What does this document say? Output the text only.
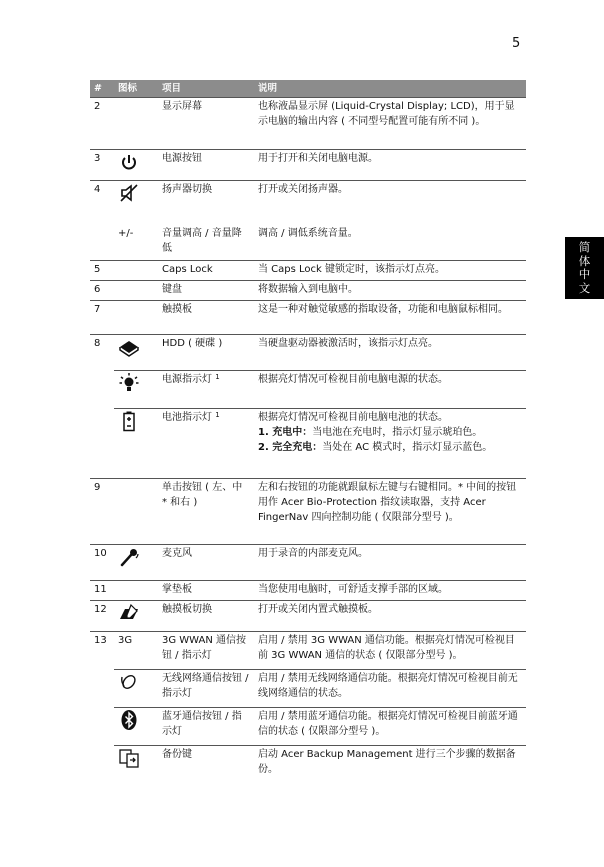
5
简
体
中
文
#	图标	项目	说明
2		显示屏幕	也称液晶显示屏 (Liquid-Crystal Display; LCD)，用于显示电脑的输出内容 ( 不同型号配置可能有所不同 )。
3		电源按钮	用于打开和关闭电脑电源。
4		扬声器切换	打开或关闭扬声器。
	+/-	音量调高 / 音量降低	调高 / 调低系统音量。
5		Caps Lock	当 Caps Lock 键锁定时，该指示灯点亮。
6		键盘	将数据输入到电脑中。
7		触摸板	这是一种对触觉敏感的指取设备，功能和电脑鼠标相同。
8		HDD ( 硬碟 )	当硬盘驱动器被激活时，该指示灯点亮。

	电源指示灯 $^1$	根据亮灯情况可检视目前电脑电源的状态。

	电池指示灯 $^1$	根据亮灯情况可检视目前电脑电池的状态。
1. 充电中：当电池在充电时，指示灯显示琥珀色。
2. 完全充电：当处在 AC 模式时，指示灯显示蓝色。

9		单击按钮 ( 左、中 * 和右 )	左和右按钮的功能就跟鼠标左键与右键相同。* 中间的按钮用作 Acer Bio-Protection 指纹读取器，支持 Acer FingerNav 四向控制功能 ( 仅限部分型号 )。
10		麦克风	用于录音的内部麦克风。
11		掌垫板	当您使用电脑时，可舒适支撑手部的区域。
12		触摸板切换	打开或关闭内置式触摸板。
13	3G	3G WWAN 通信按钮 / 指示灯	启用 / 禁用 3G WWAN 通信功能。根据亮灯情况可检视目前 3G WWAN 通信的状态 ( 仅限部分型号 )。

	无线网络通信按钮 / 指示灯	启用 / 禁用无线网络通信功能。根据亮灯情况可检视目前无线网络通信的状态。

	蓝牙通信按钮 / 指示灯	启用 / 禁用蓝牙通信功能。根据亮灯情况可检视目前蓝牙通信的状态 ( 仅限部分型号 )。

	备份键	启动 Acer Backup Management 进行三个步骤的数据备份。
